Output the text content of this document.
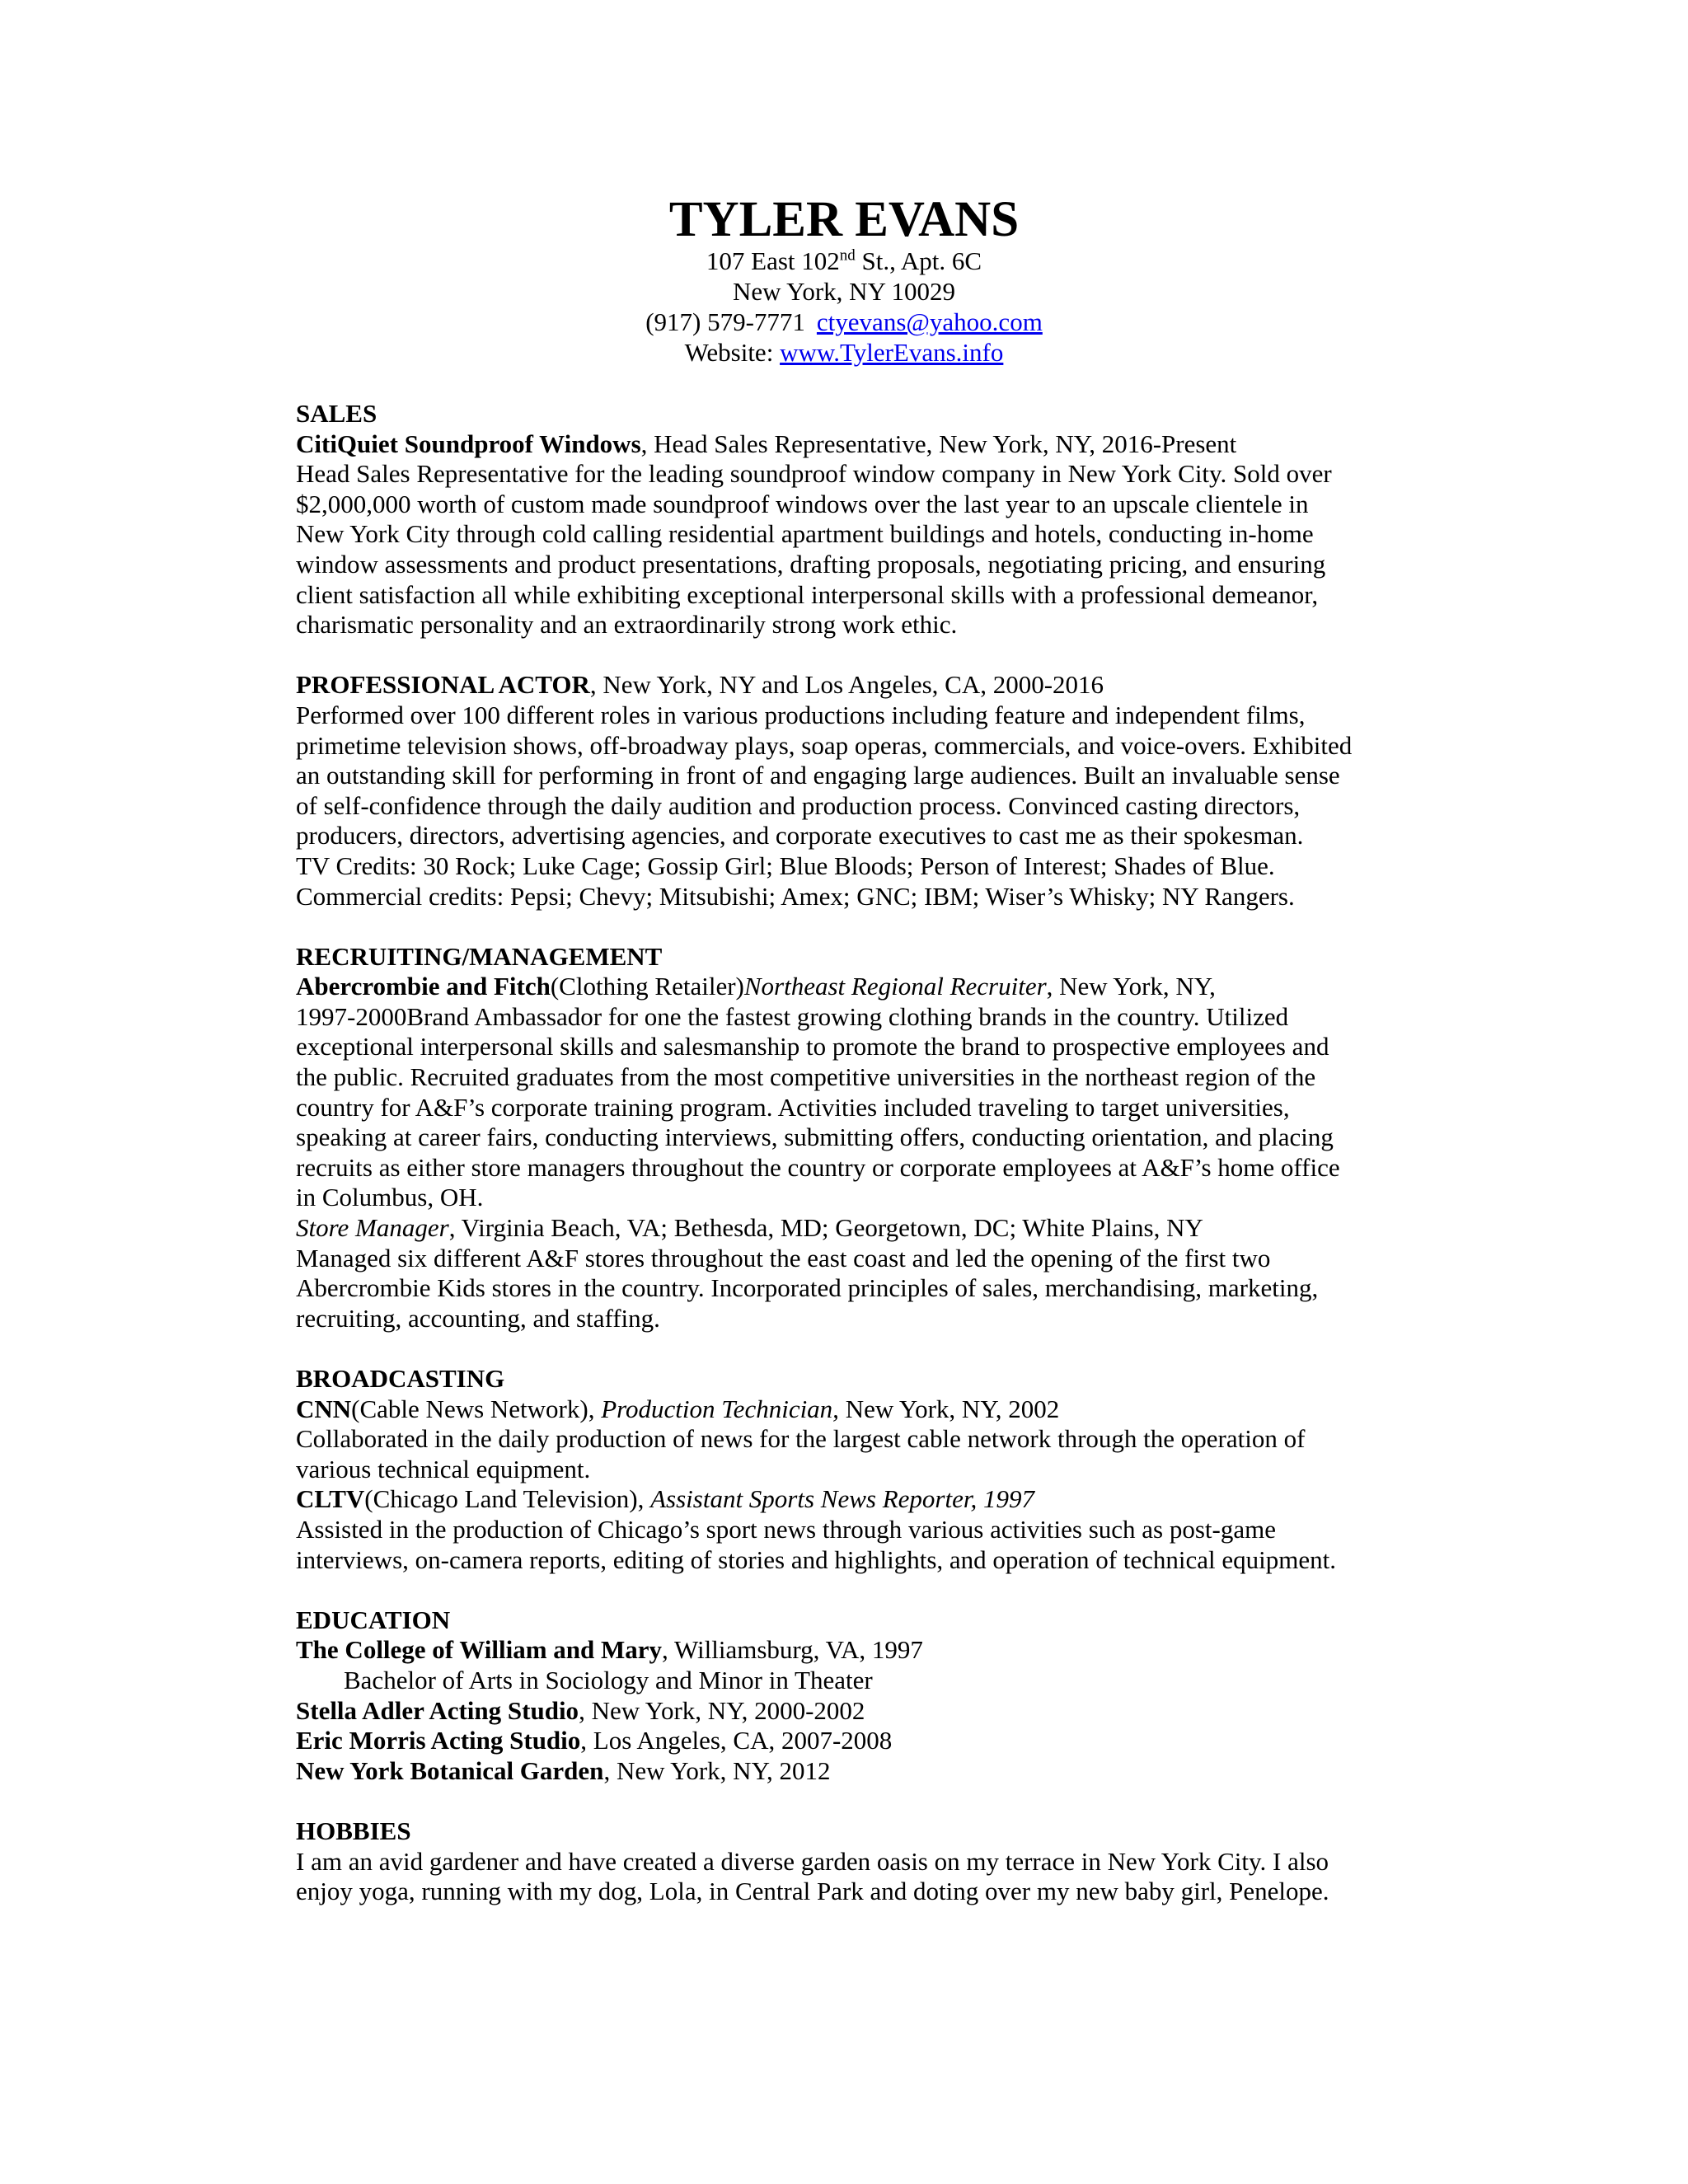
TYLER EVANS
107 East 102nd St., Apt. 6C
New York, NY 10029
(917) 579-7771 ctyevans@yahoo.com
Website: www.TylerEvans.info
SALES
CitiQuiet Soundproof Windows, Head Sales Representative, New York, NY, 2016-Present
Head Sales Representative for the leading soundproof window company in New York City. Sold over
$2,000,000 worth of custom made soundproof windows over the last year to an upscale clientele in
New York City through cold calling residential apartment buildings and hotels, conducting in-home
window assessments and product presentations, drafting proposals, negotiating pricing, and ensuring
client satisfaction all while exhibiting exceptional interpersonal skills with a professional demeanor,
charismatic personality and an extraordinarily strong work ethic.
PROFESSIONAL ACTOR, New York, NY and Los Angeles, CA, 2000-2016
Performed over 100 different roles in various productions including feature and independent films,
primetime television shows, off-broadway plays, soap operas, commercials, and voice-overs. Exhibited
an outstanding skill for performing in front of and engaging large audiences. Built an invaluable sense
of self-confidence through the daily audition and production process. Convinced casting directors,
producers, directors, advertising agencies, and corporate executives to cast me as their spokesman.
TV Credits: 30 Rock; Luke Cage; Gossip Girl; Blue Bloods; Person of Interest; Shades of Blue.
Commercial credits: Pepsi; Chevy; Mitsubishi; Amex; GNC; IBM; Wiser’s Whisky; NY Rangers.
RECRUITING/MANAGEMENT
Abercrombie and Fitch(Clothing Retailer)Northeast Regional Recruiter, New York, NY,
1997-2000Brand Ambassador for one the fastest growing clothing brands in the country. Utilized
exceptional interpersonal skills and salesmanship to promote the brand to prospective employees and
the public. Recruited graduates from the most competitive universities in the northeast region of the
country for A&F’s corporate training program. Activities included traveling to target universities,
speaking at career fairs, conducting interviews, submitting offers, conducting orientation, and placing
recruits as either store managers throughout the country or corporate employees at A&F’s home office
in Columbus, OH.
Store Manager, Virginia Beach, VA; Bethesda, MD; Georgetown, DC; White Plains, NY
Managed six different A&F stores throughout the east coast and led the opening of the first two
Abercrombie Kids stores in the country. Incorporated principles of sales, merchandising, marketing,
recruiting, accounting, and staffing.
BROADCASTING
CNN(Cable News Network), Production Technician, New York, NY, 2002
Collaborated in the daily production of news for the largest cable network through the operation of
various technical equipment.
CLTV(Chicago Land Television), Assistant Sports News Reporter, 1997
Assisted in the production of Chicago’s sport news through various activities such as post-game
interviews, on-camera reports, editing of stories and highlights, and operation of technical equipment.
EDUCATION
The College of William and Mary, Williamsburg, VA, 1997
Bachelor of Arts in Sociology and Minor in Theater
Stella Adler Acting Studio, New York, NY, 2000-2002
Eric Morris Acting Studio, Los Angeles, CA, 2007-2008
New York Botanical Garden, New York, NY, 2012
HOBBIES
I am an avid gardener and have created a diverse garden oasis on my terrace in New York City. I also
enjoy yoga, running with my dog, Lola, in Central Park and doting over my new baby girl, Penelope.
